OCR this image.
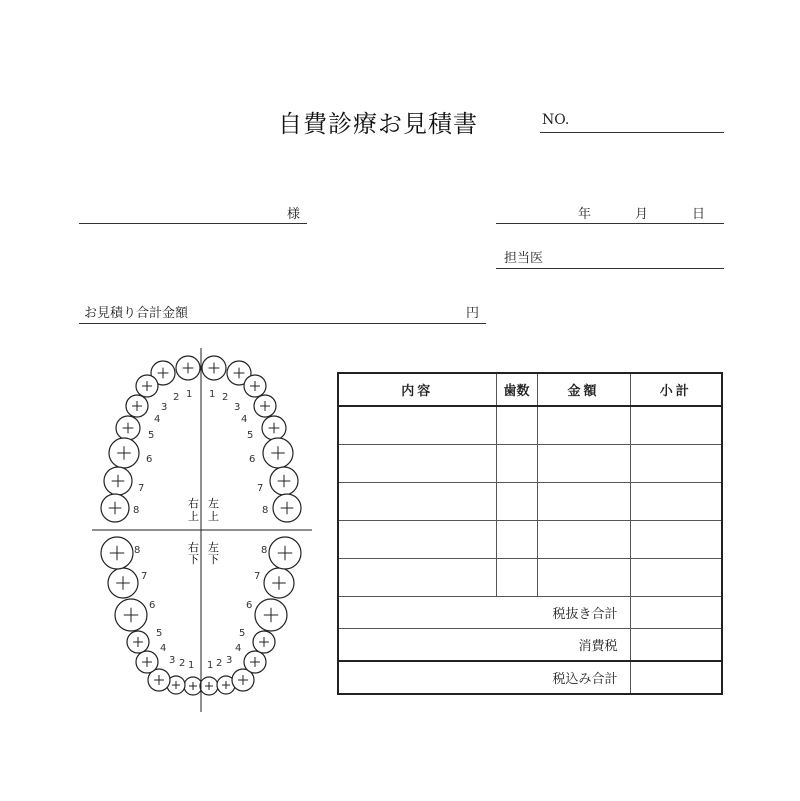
自費診療お見積書	NO.
様	年	月	日
担当医
お見積り合計金額	円
内容	歯数	金額	小計

税抜き合計			
消費税			
税込み合計			
1 1
2	2
3	3
4	4
5	5
6	6
7	7
8	8
1 1
2	2
3	3
4	4
5	5
6	6
7	7
8	8
右
上
左
上
右
下
左
下
